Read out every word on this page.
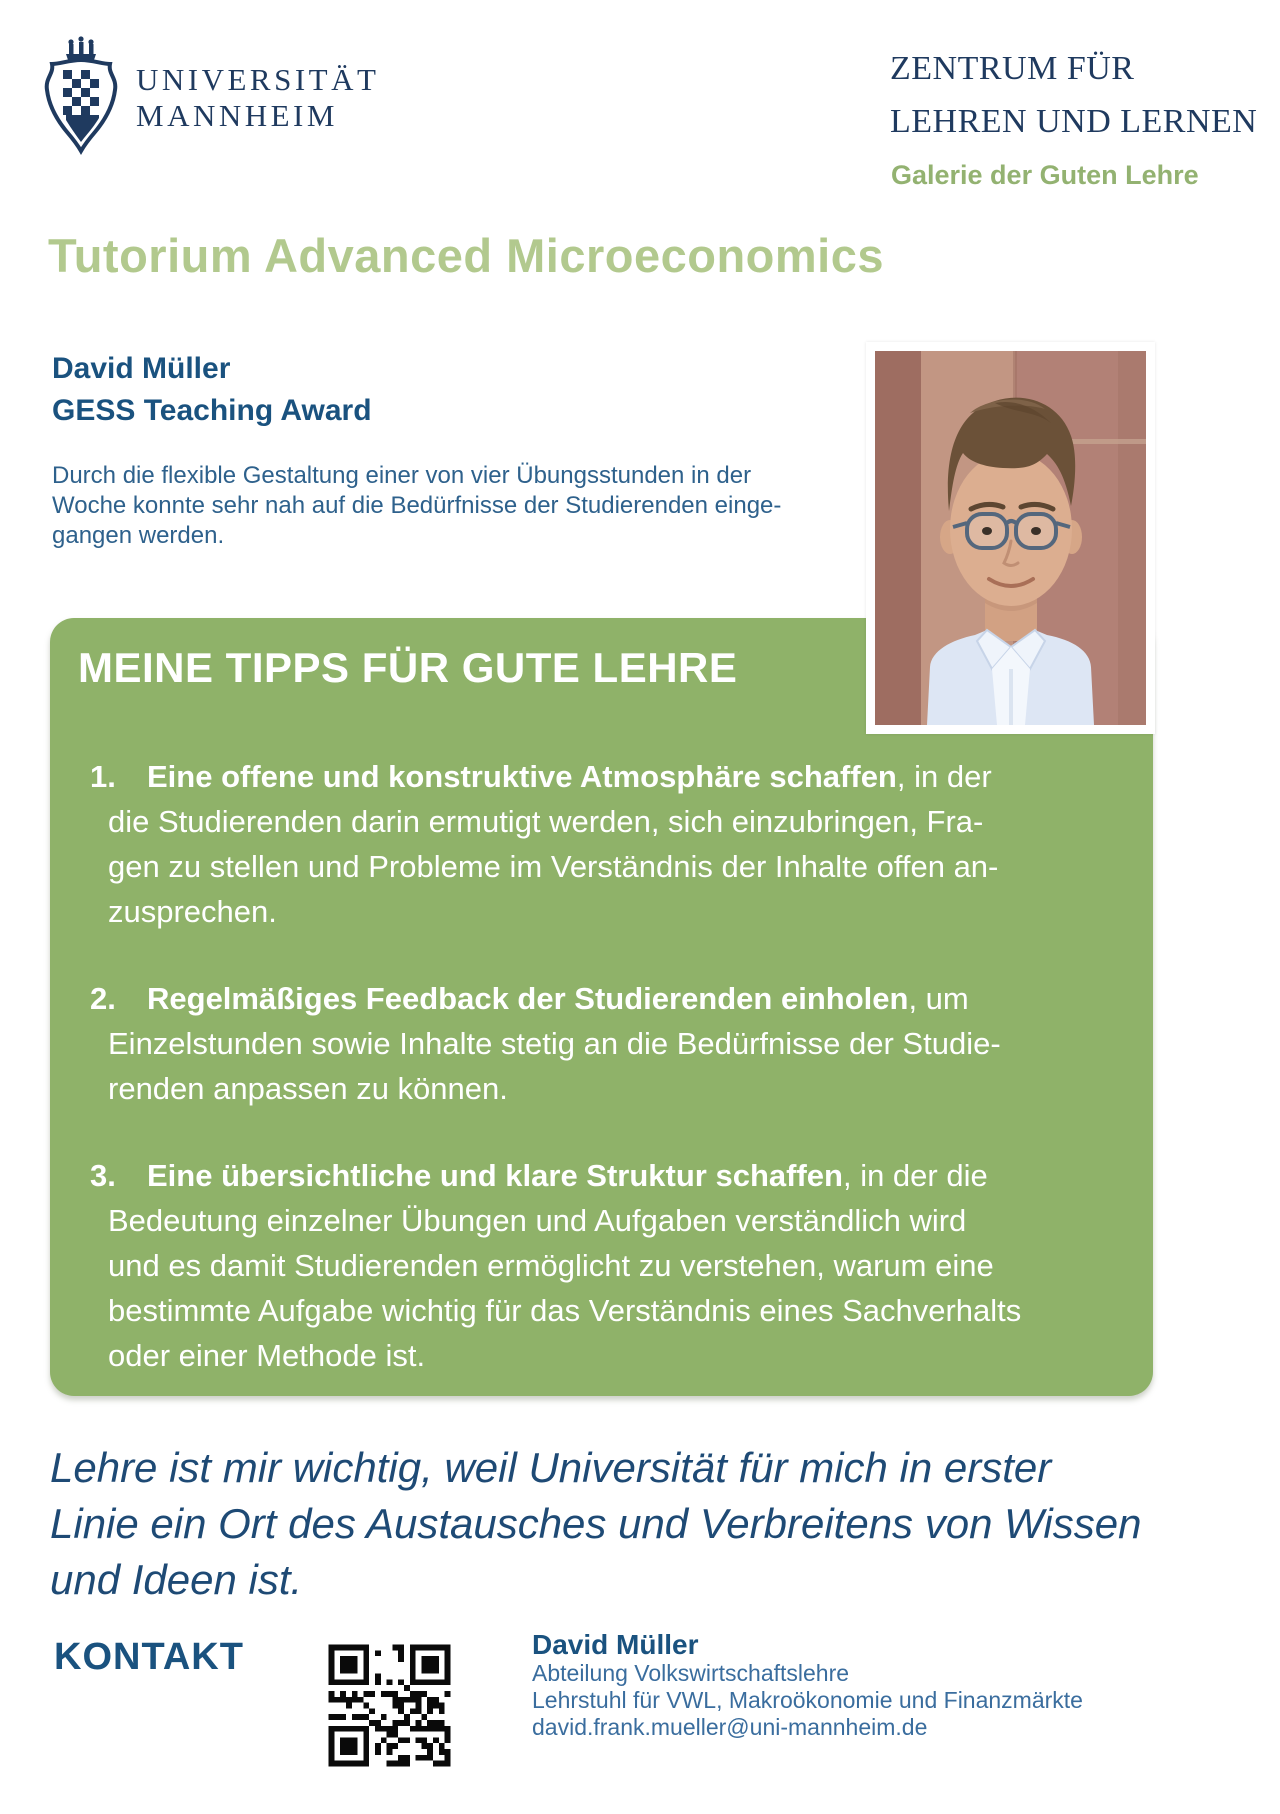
UNIVERSITÄT
MANNHEIM
ZENTRUM FÜR
LEHREN UND LERNEN
Galerie der Guten Lehre
Tutorium Advanced Microeconomics
David Müller
GESS Teaching Award
Durch die flexible Gestaltung einer von vier Übungsstunden in der
Woche konnte sehr nah auf die Bedürfnisse der Studierenden einge-
gangen werden.
MEINE TIPPS FÜR GUTE LEHRE
1.	Eine offene und konstruktive Atmosphäre schaffen, in der
die Studierenden darin ermutigt werden, sich einzubringen, Fra-
gen zu stellen und Probleme im Verständnis der Inhalte offen an-
zusprechen.
2.	Regelmäßiges Feedback der Studierenden einholen, um
Einzelstunden sowie Inhalte stetig an die Bedürfnisse der Studie-
renden anpassen zu können.
3.	Eine übersichtliche und klare Struktur schaffen, in der die
Bedeutung einzelner Übungen und Aufgaben verständlich wird
und es damit Studierenden ermöglicht zu verstehen, warum eine
bestimmte Aufgabe wichtig für das Verständnis eines Sachverhalts
oder einer Methode ist.
Lehre ist mir wichtig, weil Universität für mich in erster
Linie ein Ort des Austausches und Verbreitens von Wissen
und Ideen ist.
KONTAKT	David Müller
Abteilung Volkswirtschaftslehre
Lehrstuhl für VWL, Makroökonomie und Finanzmärkte
david.frank.mueller@uni-mannheim.de
